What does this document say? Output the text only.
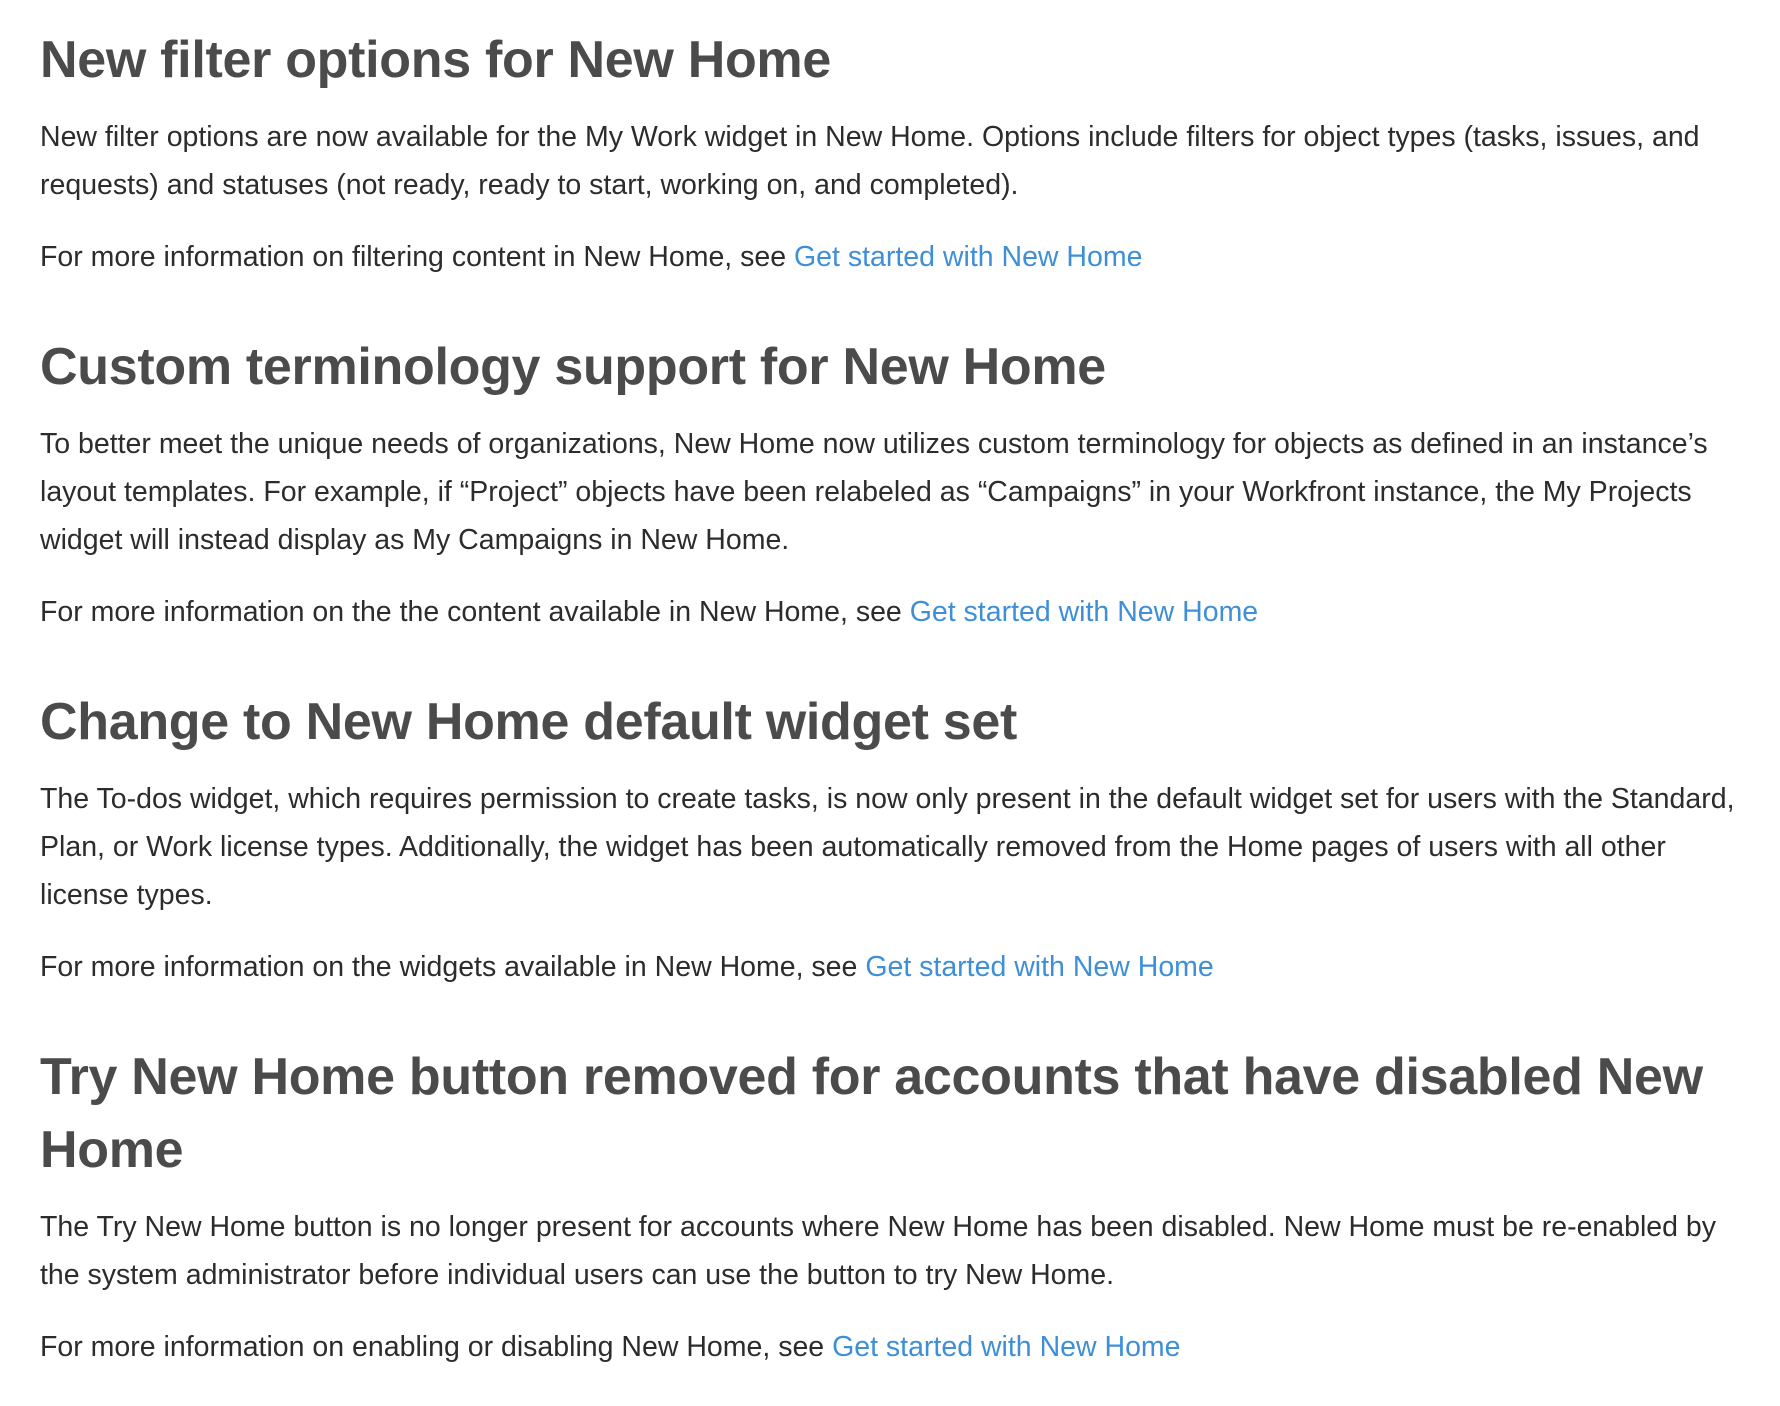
New filter options for New Home

New filter options are now available for the My Work widget in New Home. Options include filters for object types (tasks, issues, and requests) and statuses (not ready, ready to start, working on, and completed).

For more information on filtering content in New Home, see Get started with New Home

Custom terminology support for New Home

To better meet the unique needs of organizations, New Home now utilizes custom terminology for objects as defined in an instance’s layout templates. For example, if “Project” objects have been relabeled as “Campaigns” in your Workfront instance, the My Projects widget will instead display as My Campaigns in New Home.

For more information on the the content available in New Home, see Get started with New Home

Change to New Home default widget set

The To-dos widget, which requires permission to create tasks, is now only present in the default widget set for users with the Standard, Plan, or Work license types. Additionally, the widget has been automatically removed from the Home pages of users with all other license types.

For more information on the widgets available in New Home, see Get started with New Home

Try New Home button removed for accounts that have disabled New Home

The Try New Home button is no longer present for accounts where New Home has been disabled. New Home must be re-enabled by the system administrator before individual users can use the button to try New Home.

For more information on enabling or disabling New Home, see Get started with New Home
